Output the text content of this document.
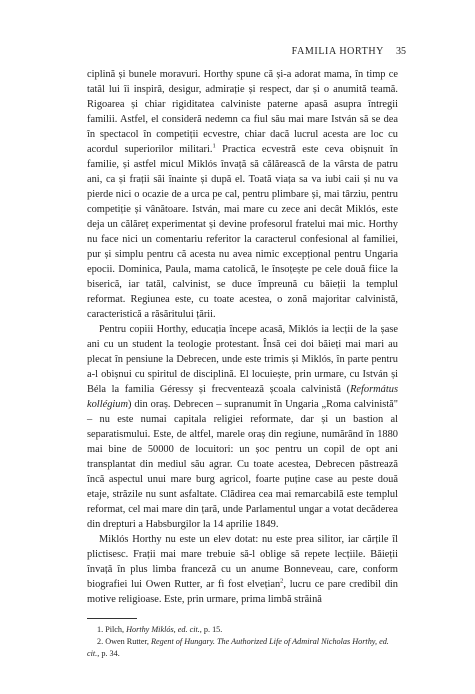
FAMILIA HORTHY 35

ciplină și bunele moravuri. Horthy spune că și-a adorat mama, în timp ce tatăl lui îi inspiră, desigur, admirație și respect, dar și o anumită teamă. Rigoarea și chiar rigiditatea calviniste paterne apasă asupra întregii familii. Astfel, el consideră nedemn ca fiul său mai mare István să se dea în spectacol în competiții ecvestre, chiar dacă lucrul acesta are loc cu acordul superiorilor militari.$^1$ Practica ecvestră este ceva obișnuit în familie, și astfel micul Miklós învață să călărească de la vârsta de patru ani, ca și frații săi înainte și după el. Toată viața sa va iubi caii și nu va pierde nici o ocazie de a urca pe cal, pentru plimbare și, mai târziu, pentru competiție și vânătoare. István, mai mare cu zece ani decât Miklós, este deja un călăreț experimentat și devine profesorul fratelui mai mic. Horthy nu face nici un comentariu referitor la caracterul confesional al familiei, pur și simplu pentru că acesta nu avea nimic excepțional pentru Ungaria epocii. Dominica, Paula, mama catolică, le însoțește pe cele două fiice la biserică, iar tatăl, calvinist, se duce împreună cu băieții la templul reformat. Regiunea este, cu toate acestea, o zonă majoritar calvinistă, caracteristică a răsăritului țării.

Pentru copiii Horthy, educația începe acasă, Miklós ia lecții de la șase ani cu un student la teologie protestant. Însă cei doi băieți mai mari au plecat în pensiune la Debrecen, unde este trimis și Miklós, în parte pentru a-l obișnui cu spiritul de disciplină. El locuiește, prin urmare, cu István și Béla la familia Géressy și frecventează școala calvinistă (Református kollégium) din oraș. Debrecen – supranumit în Ungaria „Roma calvinistă" – nu este numai capitala religiei reformate, dar și un bastion al separatismului. Este, de altfel, marele oraș din regiune, numărând în 1880 mai bine de 50000 de locuitori: un șoc pentru un copil de opt ani transplantat din mediul său agrar. Cu toate acestea, Debrecen păstrează încă aspectul unui mare burg agricol, foarte puține case au peste două etaje, străzile nu sunt asfaltate. Clădirea cea mai remarcabilă este templul reformat, cel mai mare din țară, unde Parlamentul ungar a votat decăderea din drepturi a Habsburgilor la 14 aprilie 1849.

Miklós Horthy nu este un elev dotat: nu este prea silitor, iar cărțile îl plictisesc. Frații mai mare trebuie să-l oblige să repete lecțiile. Băieții învață în plus limba franceză cu un anume Bonneveau, care, conform biografiei lui Owen Rutter, ar fi fost elvețian$^2$, lucru ce pare credibil din motive religioase. Este, prin urmare, prima limbă străină

1. Pilch, Horthy Miklós, ed. cit., p. 15.
2. Owen Rutter, Regent of Hungary. The Authorized Life of Admiral Nicholas Horthy, ed. cit., p. 34.
